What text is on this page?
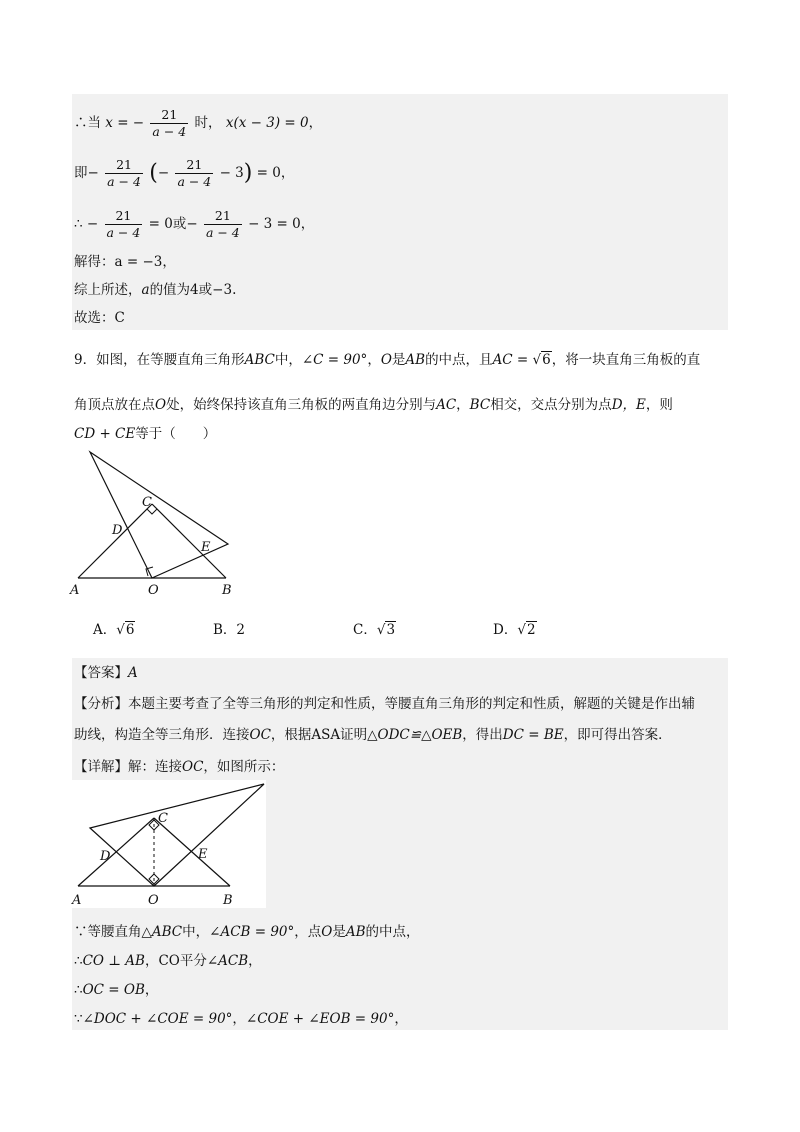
∴当 x = − $\frac{21}{a - 4}$ 时， x(x − 3) = 0，
即− $\frac{21}{a - 4}$ (− $\frac{21}{a - 4} - 3) = 0$，
∴ − $\frac{21}{a - 4} = 0$或− $\frac{21}{a - 4} - 3 = 0$，
解得：a = −3，
综上所述，a的值为4或−3.
故选：C
9．如图，在等腰直角三角形ABC中，∠C = 90°，O是AB的中点，且AC = √6，将一块直角三角板的直
角顶点放在点O处，始终保持该直角三角板的两直角边分别与AC，BC相交，交点分别为点D，E，则
CD + CE等于（　　）
A	O	B
C
D
E
A．√6	B．2	C．√3	D．√2
【答案】A
【分析】本题主要考查了全等三角形的判定和性质，等腰直角三角形的判定和性质，解题的关键是作出辅
助线，构造全等三角形．连接OC，根据ASA证明△ODC≌△OEB，得出DC = BE，即可得出答案．
【详解】解：连接OC，如图所示：
A	O	B
C
D	E
∵等腰直角△ABC中，∠ACB = 90°，点O是AB的中点，
∴CO ⊥ AB，CO平分∠ACB，
∴OC = OB，
∵∠DOC + ∠COE = 90°，∠COE + ∠EOB = 90°，
